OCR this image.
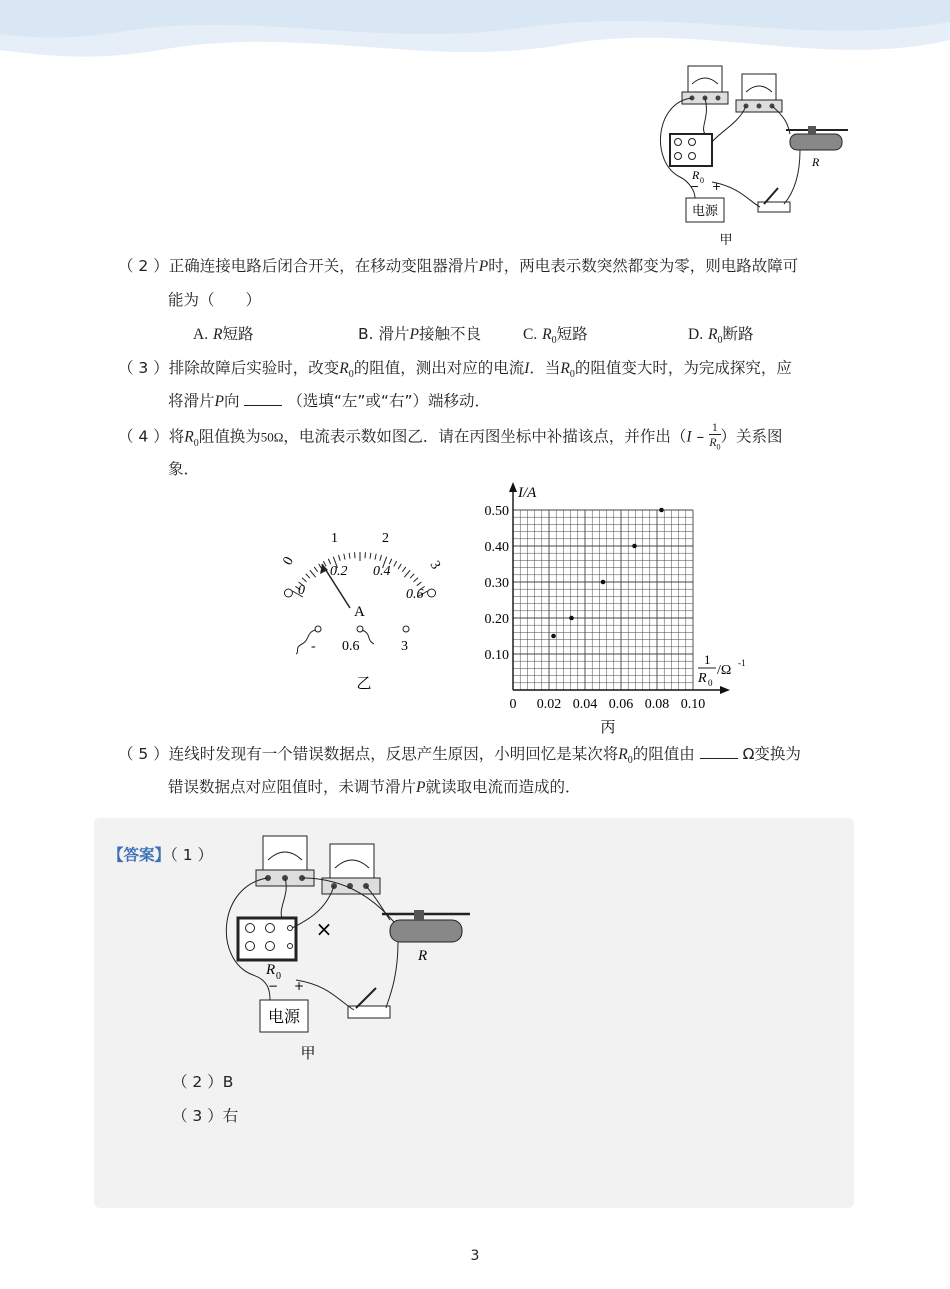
R 0
R
− +
电源
甲
（ 2 ）正确连接电路后闭合开关，在移动变阻器滑片P时，两电表示数突然都变为零，则电路故障可
能为（　　）
A. R短路	B. 滑片P接触不良	C. $R_0$短路	D. $R_0$断路
（ 3 ）排除故障后实验时，改变$R_0$的阻值，测出对应的电流I．当$R_0$的阻值变大时，为完成探究，应
将滑片P向	（选填“左”或“右”）端移动．
（ 4 ）将$R_0$阻值换为50Ω，电流表示数如图乙．请在丙图坐标中补描该点，并作出（$I - \frac{1}{R_0}$ ）关系图
象．
0
1	2
3
0
0.2 0.4
0.6
A
- 0.6	3
乙
0.10
0.20
0.30
0.40
0.50
0 0.02 0.04 0.06 0.08 0.10
I/A
1
R 0
/Ω -1
丙
（ 5 ）连线时发现有一个错误数据点，反思产生原因，小明回忆是某次将$R_0$的阻值由	Ω变换为
错误数据点对应阻值时，未调节滑片P就读取电流而造成的．
【答案】（ 1 ）
×
R 0
R
− +
电源
甲
（ 2 ）B
（ 3 ）右
3
